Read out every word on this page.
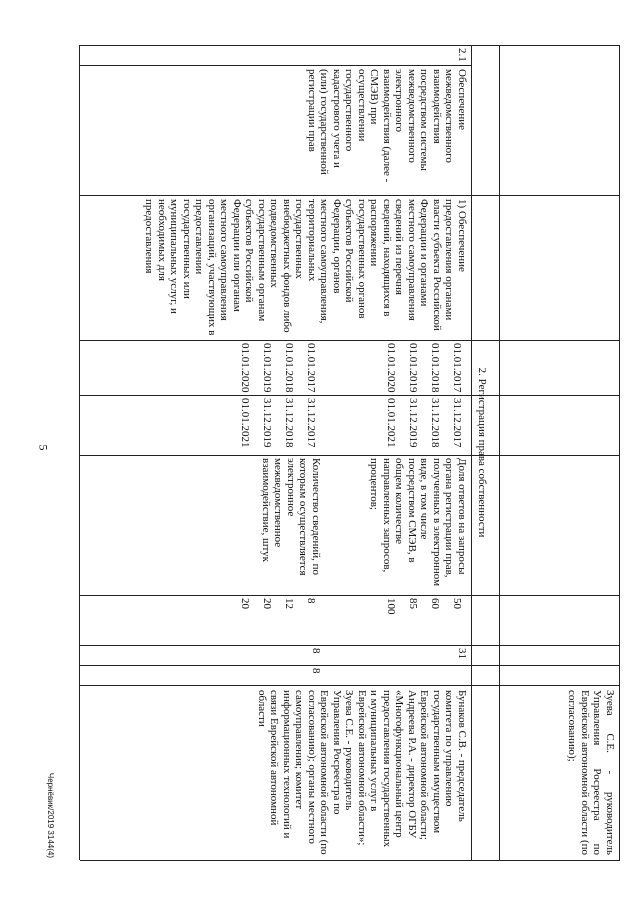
5
Зуева С.Е. - руководитель Управления Росреестра по Еврейской автономной области (по согласованию);
2. Регистрация права собственности
2.1
Обеспечение межведомственного взаимодействия посредством системы межведомственного электронного взаимодействия (далее - СМЭВ) при осуществлении государственного кадастрового учета и (или) государственной регистрации прав
1) Обеспечение предоставления органами власти субъекта Российской Федерации и органами местного самоуправления сведений из перечня сведений, находящихся в распоряжении государственных органов субъектов Российской Федерации, органов местного самоуправления, территориальных государственных внебюджетных фондов либо подведомственных государственным органам субъектов Российской Федерации или органам местного самоуправления организаций, участвующих в предоставлении государственных или муниципальных услуг, и необходимых для предоставления
01.01.2017
01.01.2018
01.01.2019
01.01.2020
31.12.2017
31.12.2018
31.12.2019
01.01.2021
01.01.2017
01.01.2018
01.01.2019
01.01.2020
31.12.2017
31.12.2018
31.12.2019
01.01.2021
Доля ответов на запросы органа регистрации прав, полученных в электронном виде, в том числе посредством СМЭВ, в общем количестве направленных запросов, процентов;
Количество сведений, по которым осуществляется электронное межведомственное взаимодействие, штук
50
60
85
100
8
12
20
20
31
8
8
Бунаков С.В. - председатель комитета по управлению государственным имуществом Еврейской автономной области; Андреева Р.А. - директор ОГБУ «Многофункциональный центр предоставления государственных и муниципальных услуг в Еврейской автономной области»; Зуева С.Е. - руководитель Управления Росреестра по Еврейской автономной области (по согласованию); органы местного самоуправления; комитет информационных технологий и связи Еврейской автономной области
Чернёвик/2019 3144(4)
